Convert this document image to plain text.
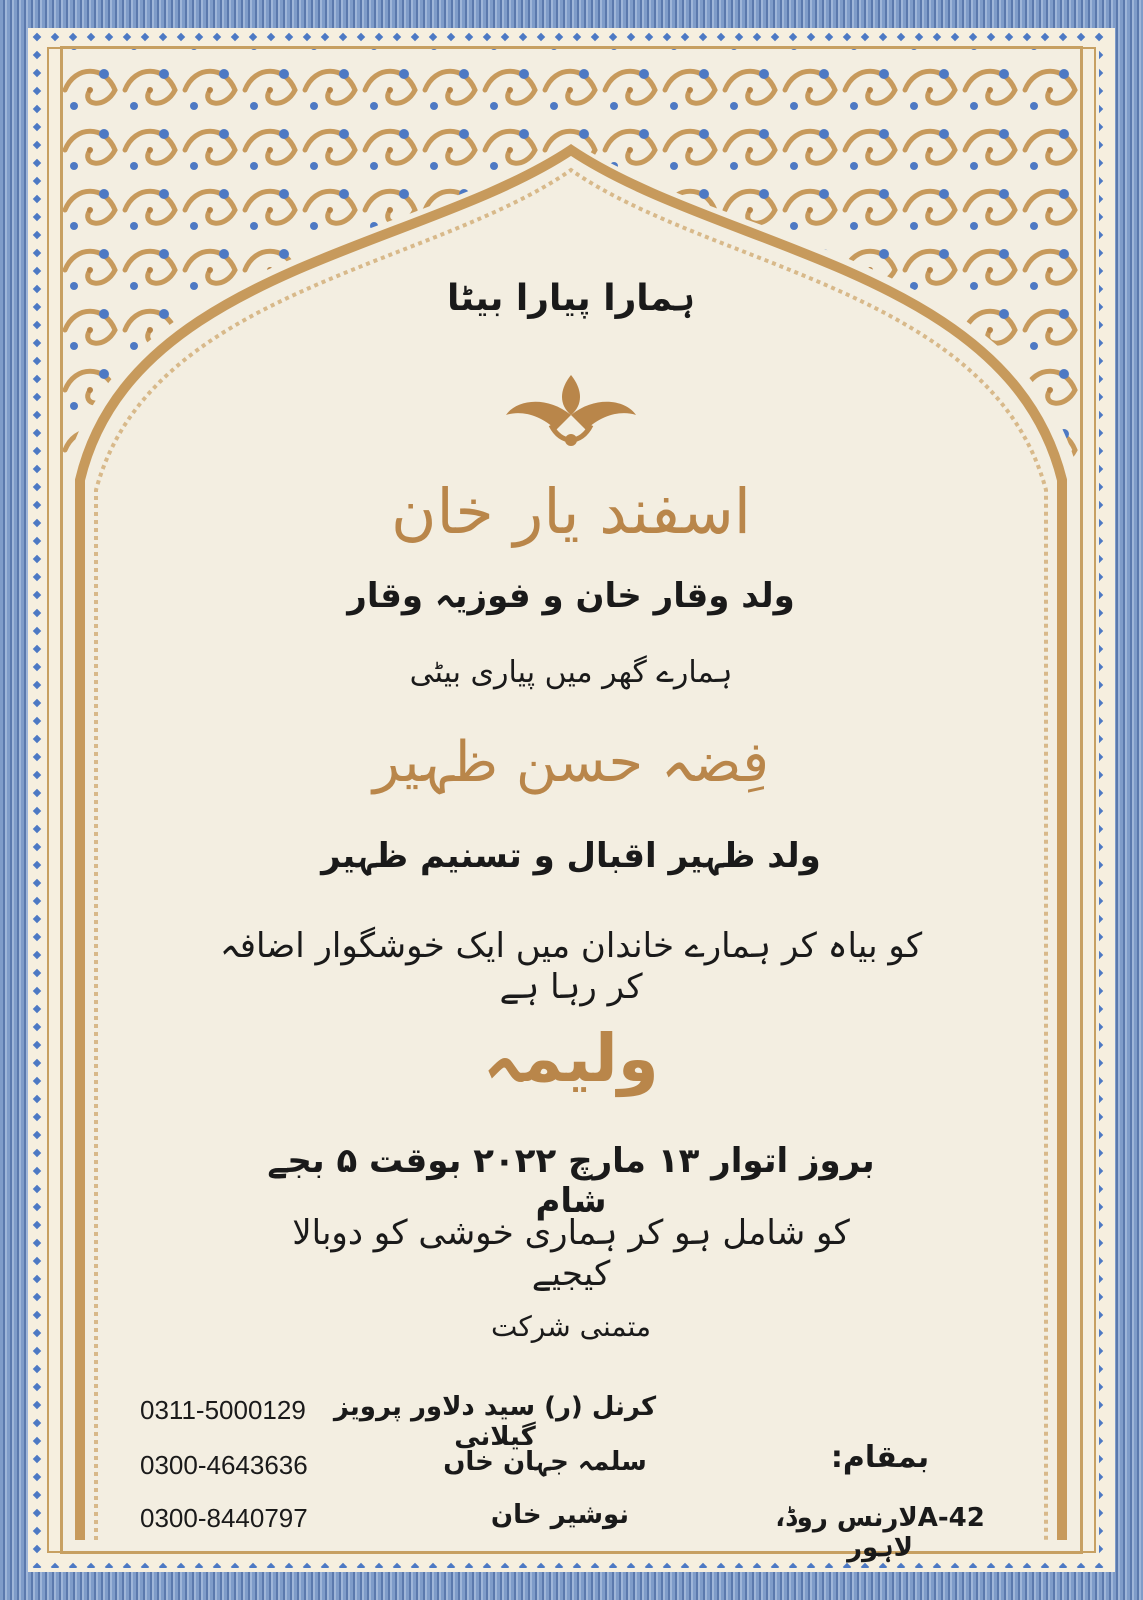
ہمارا پیارا بیٹا
اسفند یار خان
ولد وقار خان و فوزیہ وقار
ہمارے گھر میں پیاری بیٹی
فِضہ حسن ظہیر
ولد ظہیر اقبال و تسنیم ظہیر
کو بیاہ کر ہمارے خاندان میں ایک خوشگوار اضافہ کر رہا ہے
ولیمہ
بروز اتوار ۱۳ مارچ ۲۰۲۲ بوقت ۵ بجے شام
کو شامل ہو کر ہماری خوشی کو دوبالا کیجیے
متمنی شرکت
کرنل (ر) سید دلاور پرویز گیلانی
0311-5000129
سلمہ جہان خاں
0300-4643636
نوشیر خان
0300-8440797
بمقام:
42-Aلارنس روڈ، لاہور
